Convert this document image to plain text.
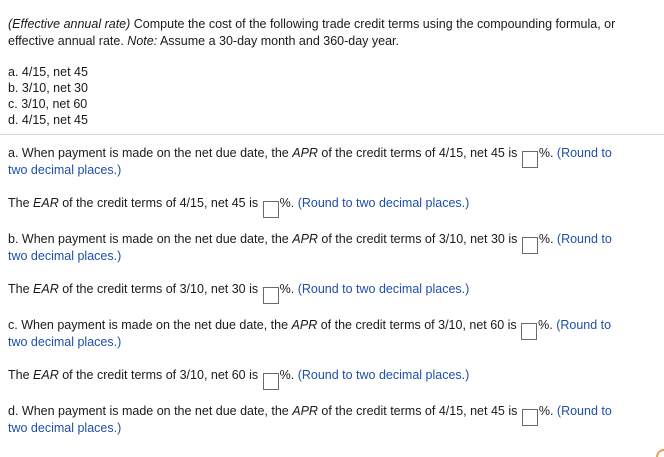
(Effective annual rate) Compute the cost of the following trade credit terms using the compounding formula, or
effective annual rate. Note: Assume a 30-day month and 360-day year.
a. 4/15, net 45
b. 3/10, net 30
c. 3/10, net 60
d. 4/15, net 45
a. When payment is made on the net due date, the APR of the credit terms of 4/15, net 45 is %. (Round to
two decimal places.)
The EAR of the credit terms of 4/15, net 45 is %. (Round to two decimal places.)
b. When payment is made on the net due date, the APR of the credit terms of 3/10, net 30 is %. (Round to
two decimal places.)
The EAR of the credit terms of 3/10, net 30 is %. (Round to two decimal places.)
c. When payment is made on the net due date, the APR of the credit terms of 3/10, net 60 is %. (Round to
two decimal places.)
The EAR of the credit terms of 3/10, net 60 is %. (Round to two decimal places.)
d. When payment is made on the net due date, the APR of the credit terms of 4/15, net 45 is %. (Round to
two decimal places.)
